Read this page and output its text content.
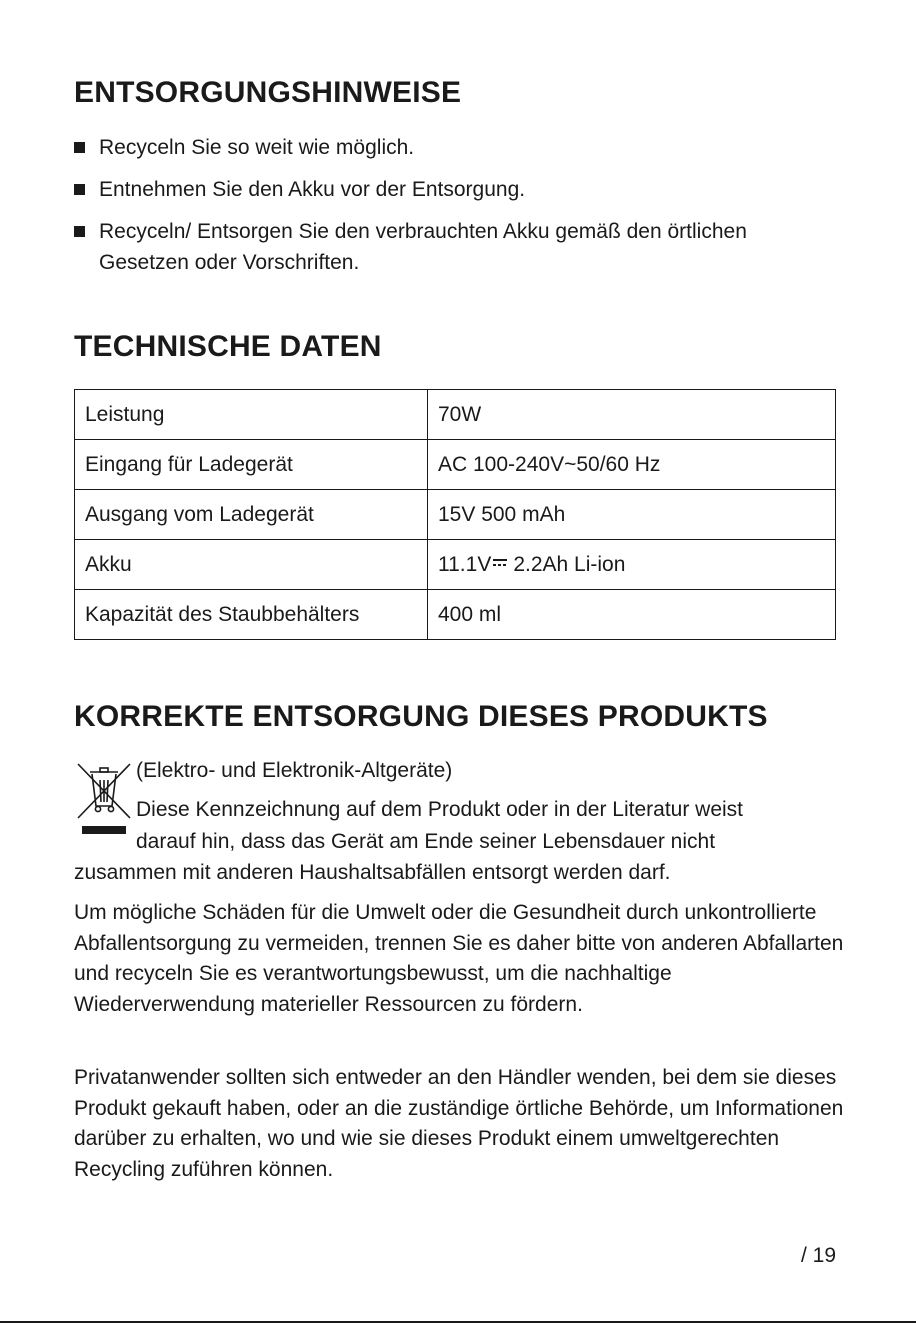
ENTSORGUNGSHINWEISE
Recyceln Sie so weit wie möglich.
Entnehmen Sie den Akku vor der Entsorgung.
Recyceln/ Entsorgen Sie den verbrauchten Akku gemäß den örtlichen Gesetzen oder Vorschriften.
TECHNISCHE DATEN
Leistung	70W
Eingang für Ladegerät	AC 100-240V~50/60 Hz
Ausgang vom Ladegerät	15V 500 mAh
Akku	11.1V 2.2Ah Li-ion
Kapazität des Staubbehälters	400 ml
KORREKTE ENTSORGUNG DIESES PRODUKTS

(Elektro- und Elektronik-Altgeräte)

Diese Kennzeichnung auf dem Produkt oder in der Literatur weist

darauf hin, dass das Gerät am Ende seiner Lebensdauer nicht

zusammen mit anderen Haushaltsabfällen entsorgt werden darf.

Um mögliche Schäden für die Umwelt oder die Gesundheit durch unkontrollierte Abfallentsorgung zu vermeiden, trennen Sie es daher bitte von anderen Abfallarten und recyceln Sie es verantwortungsbewusst, um die nachhaltige Wiederverwendung materieller Ressourcen zu fördern.

Privatanwender sollten sich entweder an den Händler wenden, bei dem sie dieses Produkt gekauft haben, oder an die zuständige örtliche Behörde, um Informationen darüber zu erhalten, wo und wie sie dieses Produkt einem umweltgerechten Recycling zuführen können.

/ 19
